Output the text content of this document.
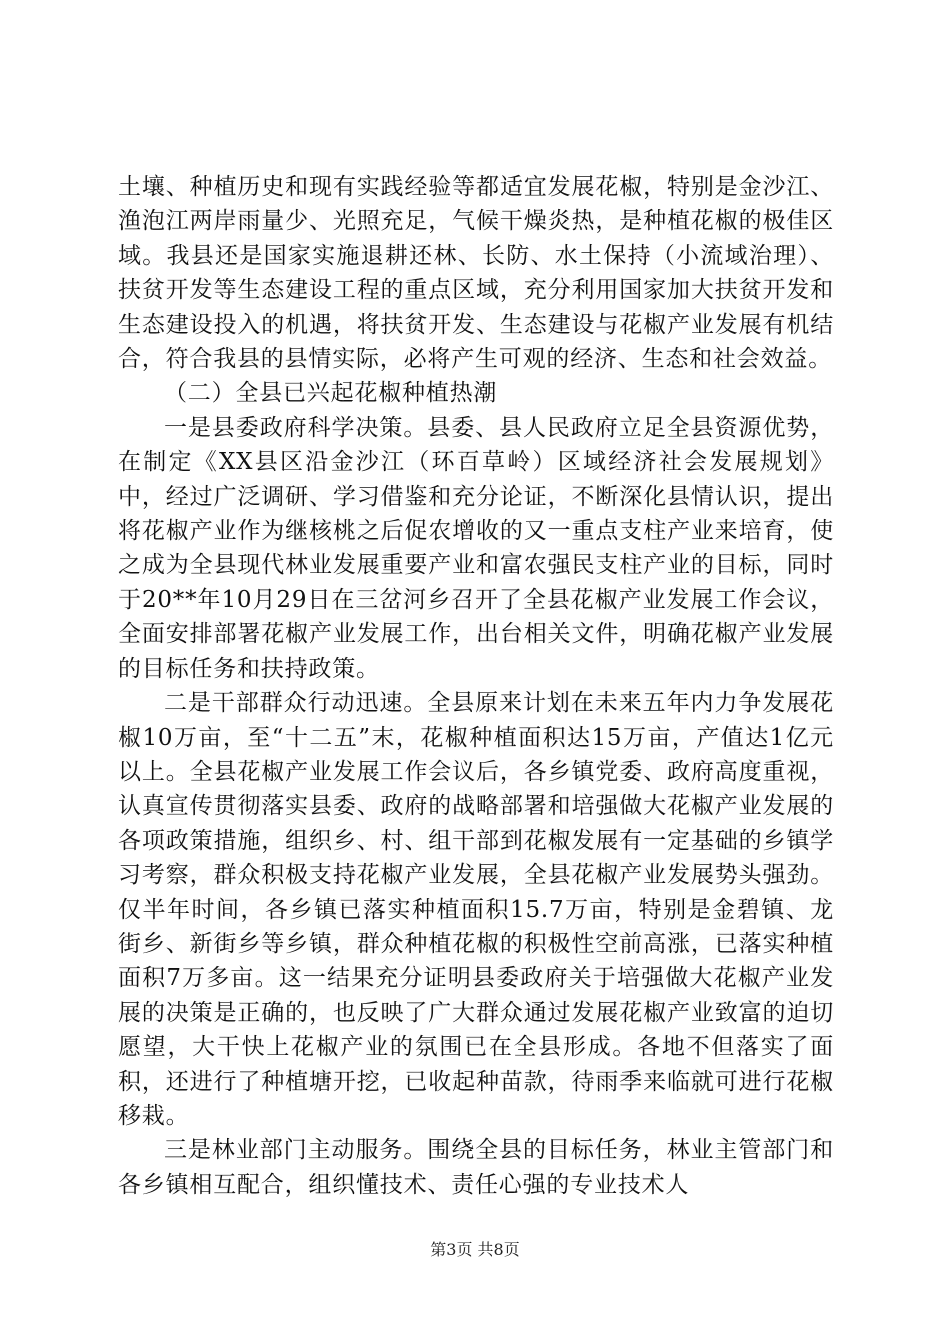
土壤、种植历史和现有实践经验等都适宜发展花椒，特别是金沙江、渔泡江两岸雨量少、光照充足，气候干燥炎热，是种植花椒的极佳区域。我县还是国家实施退耕还林、长防、水土保持（小流域治理）、扶贫开发等生态建设工程的重点区域，充分利用国家加大扶贫开发和生态建设投入的机遇，将扶贫开发、生态建设与花椒产业发展有机结合，符合我县的县情实际，必将产生可观的经济、生态和社会效益。

（二）全县已兴起花椒种植热潮

一是县委政府科学决策。县委、县人民政府立足全县资源优势，在制定《XX县区沿金沙江（环百草岭）区域经济社会发展规划》中，经过广泛调研、学习借鉴和充分论证，不断深化县情认识，提出将花椒产业作为继核桃之后促农增收的又一重点支柱产业来培育，使之成为全县现代林业发展重要产业和富农强民支柱产业的目标，同时于20**年10月29日在三岔河乡召开了全县花椒产业发展工作会议，全面安排部署花椒产业发展工作，出台相关文件，明确花椒产业发展的目标任务和扶持政策。

二是干部群众行动迅速。全县原来计划在未来五年内力争发展花椒10万亩，至“十二五”末，花椒种植面积达15万亩，产值达1亿元以上。全县花椒产业发展工作会议后，各乡镇党委、政府高度重视，认真宣传贯彻落实县委、政府的战略部署和培强做大花椒产业发展的各项政策措施，组织乡、村、组干部到花椒发展有一定基础的乡镇学习考察，群众积极支持花椒产业发展，全县花椒产业发展势头强劲。仅半年时间，各乡镇已落实种植面积15.7万亩，特别是金碧镇、龙街乡、新街乡等乡镇，群众种植花椒的积极性空前高涨，已落实种植面积7万多亩。这一结果充分证明县委政府关于培强做大花椒产业发展的决策是正确的，也反映了广大群众通过发展花椒产业致富的迫切愿望，大干快上花椒产业的氛围已在全县形成。各地不但落实了面积，还进行了种植塘开挖，已收起种苗款，待雨季来临就可进行花椒移栽。

三是林业部门主动服务。围绕全县的目标任务，林业主管部门和各乡镇相互配合，组织懂技术、责任心强的专业技术人

第3页 共8页
